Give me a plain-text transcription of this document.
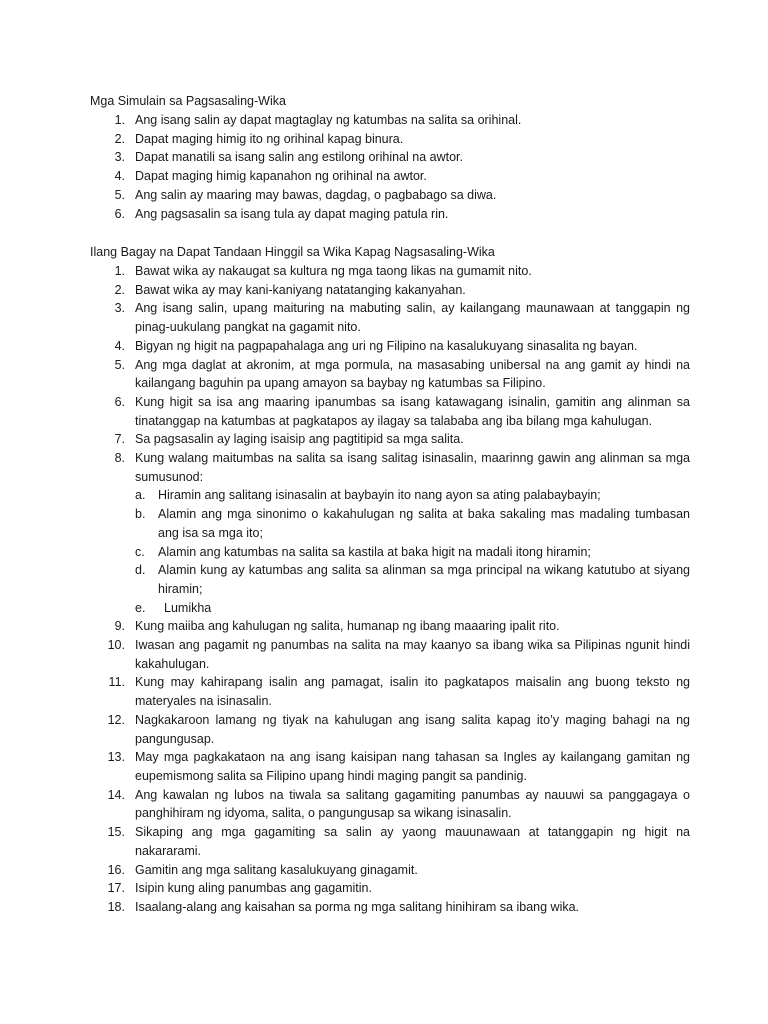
Mga Simulain sa Pagsasaling-Wika
1. Ang isang salin ay dapat magtaglay ng katumbas na salita sa orihinal.
2. Dapat maging himig ito ng orihinal kapag binura.
3. Dapat manatili sa isang salin ang estilong orihinal na awtor.
4. Dapat maging himig kapanahon ng orihinal na awtor.
5. Ang salin ay maaring may bawas, dagdag, o pagbabago sa diwa.
6. Ang pagsasalin sa isang tula ay dapat maging patula rin.
Ilang Bagay na Dapat Tandaan Hinggil sa Wika Kapag Nagsasaling-Wika
1. Bawat wika ay nakaugat sa kultura ng mga taong likas na gumamit nito.
2. Bawat wika ay may kani-kaniyang natatanging kakanyahan.
3. Ang isang salin, upang maituring na mabuting salin, ay kailangang maunawaan at tanggapin ng pinag-uukulang pangkat na gagamit nito.
4. Bigyan ng higit na pagpapahalaga ang uri ng Filipino na kasalukuyang sinasalita ng bayan.
5. Ang mga daglat at akronim, at mga pormula, na masasabing unibersal na ang gamit ay hindi na kailangang baguhin pa upang amayon sa baybay ng katumbas sa Filipino.
6. Kung higit sa isa ang maaring ipanumbas sa isang katawagang isinalin, gamitin ang alinman sa tinatanggap na katumbas at pagkatapos ay ilagay sa talababa ang iba bilang mga kahulugan.
7. Sa pagsasalin ay laging isaisip ang pagtitipid sa mga salita.
8. Kung walang maitumbas na salita sa isang salitag isinasalin, maarinng gawin ang alinman sa mga sumusunod:
a.	Hiramin ang salitang isinasalin at baybayin ito nang ayon sa ating palabaybayin;
b.	Alamin ang mga sinonimo o kakahulugan ng salita at baka sakaling mas madaling tumbasan ang isa sa mga ito;
c.	Alamin ang katumbas na salita sa kastila at baka higit na madali itong hiramin;
d.	Alamin kung ay katumbas ang salita sa alinman sa mga principal na wikang katutubo at siyang hiramin;
e.	Lumikha
9. Kung maiiba ang kahulugan ng salita, humanap ng ibang maaaring ipalit rito.
10. Iwasan ang pagamit ng panumbas na salita na may kaanyo sa ibang wika sa Pilipinas ngunit hindi kakahulugan.
11. Kung may kahirapang isalin ang pamagat, isalin ito pagkatapos maisalin ang buong teksto ng materyales na isinasalin.
12. Nagkakaroon lamang ng tiyak na kahulugan ang isang salita kapag ito’y maging bahagi na ng pangungusap.
13. May mga pagkakataon na ang isang kaisipan nang tahasan sa Ingles ay kailangang gamitan ng eupemismong salita sa Filipino upang hindi maging pangit sa pandinig.
14. Ang kawalan ng lubos na tiwala sa salitang gagamiting panumbas ay nauuwi sa panggagaya o panghihiram ng idyoma, salita, o pangungusap sa wikang isinasalin.
15. Sikaping ang mga gagamiting sa salin ay yaong mauunawaan at tatanggapin ng higit na nakararami.
16. Gamitin ang mga salitang kasalukuyang ginagamit.
17. Isipin kung aling panumbas ang gagamitin.
18. Isaalang-alang ang kaisahan sa porma ng mga salitang hinihiram sa ibang wika.
